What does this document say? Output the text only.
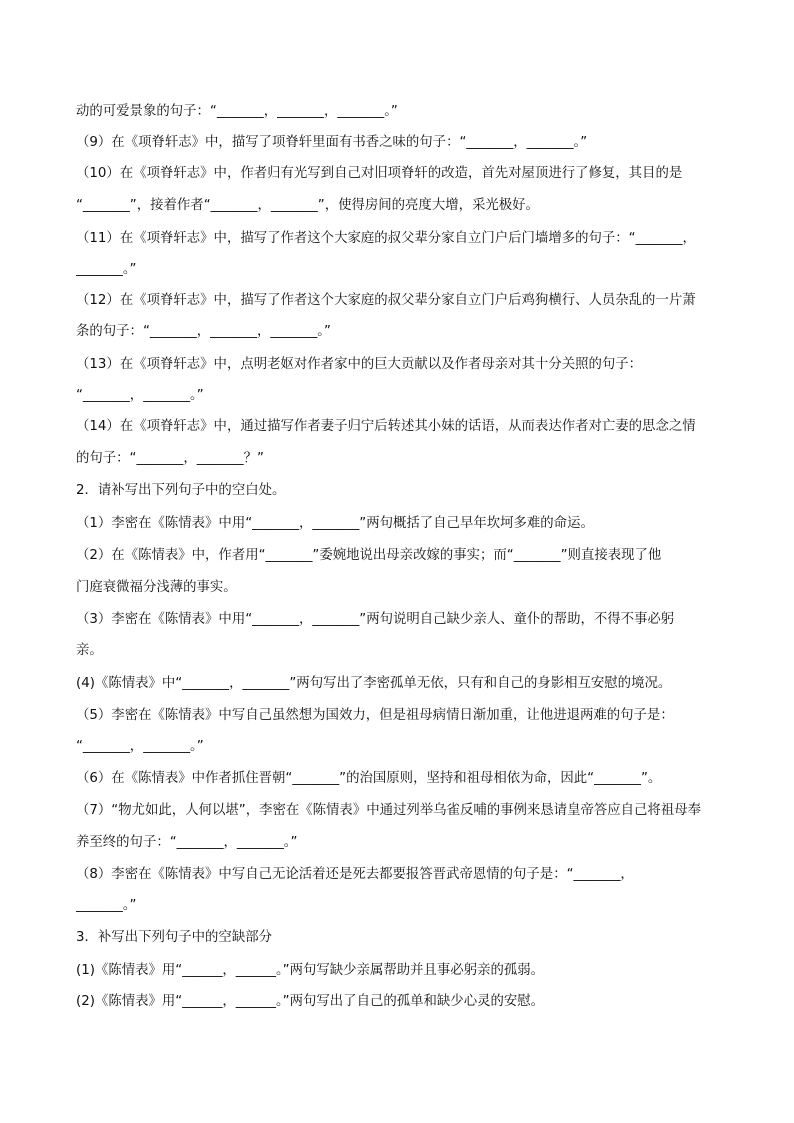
动的可爱景象的句子：“_______，_______，_______。”
（9）在《项脊轩志》中，描写了项脊轩里面有书香之味的句子：“_______，_______。”
（10）在《项脊轩志》中，作者归有光写到自己对旧项脊轩的改造，首先对屋顶进行了修复，其目的是
“_______”，接着作者“_______，_______”，使得房间的亮度大增，采光极好。
（11）在《项脊轩志》中，描写了作者这个大家庭的叔父辈分家自立门户后门墙增多的句子：“_______，
_______。”
（12）在《项脊轩志》中，描写了作者这个大家庭的叔父辈分家自立门户后鸡狗横行、人员杂乱的一片萧
条的句子：“_______，_______，_______。”
（13）在《项脊轩志》中，点明老妪对作者家中的巨大贡献以及作者母亲对其十分关照的句子：
“_______，_______。”
（14）在《项脊轩志》中，通过描写作者妻子归宁后转述其小妹的话语，从而表达作者对亡妻的思念之情
的句子：“_______，_______？”
2．请补写出下列句子中的空白处。
（1）李密在《陈情表》中用“_______，_______”两句概括了自己早年坎坷多难的命运。
（2）在《陈情表》中，作者用“_______”委婉地说出母亲改嫁的事实；而“_______”则直接表现了他
门庭衰微福分浅薄的事实。
（3）李密在《陈情表》中用“_______，_______”两句说明自己缺少亲人、童仆的帮助，不得不事必躬
亲。
(4)《陈情表》中“_______，_______”两句写出了李密孤单无依，只有和自己的身影相互安慰的境况。
（5）李密在《陈情表》中写自己虽然想为国效力，但是祖母病情日渐加重，让他进退两难的句子是：
“_______，_______。”
（6）在《陈情表》中作者抓住晋朝“_______”的治国原则，坚持和祖母相依为命，因此“_______”。
（7）“物尤如此，人何以堪”，李密在《陈情表》中通过列举乌雀反哺的事例来恳请皇帝答应自己将祖母奉
养至终的句子：“_______，_______。”
（8）李密在《陈情表》中写自己无论活着还是死去都要报答晋武帝恩情的句子是：“_______，
_______。”
3．补写出下列句子中的空缺部分
(1)《陈情表》用“______，______。”两句写缺少亲属帮助并且事必躬亲的孤弱。
(2)《陈情表》用“______，______。”两句写出了自己的孤单和缺少心灵的安慰。
